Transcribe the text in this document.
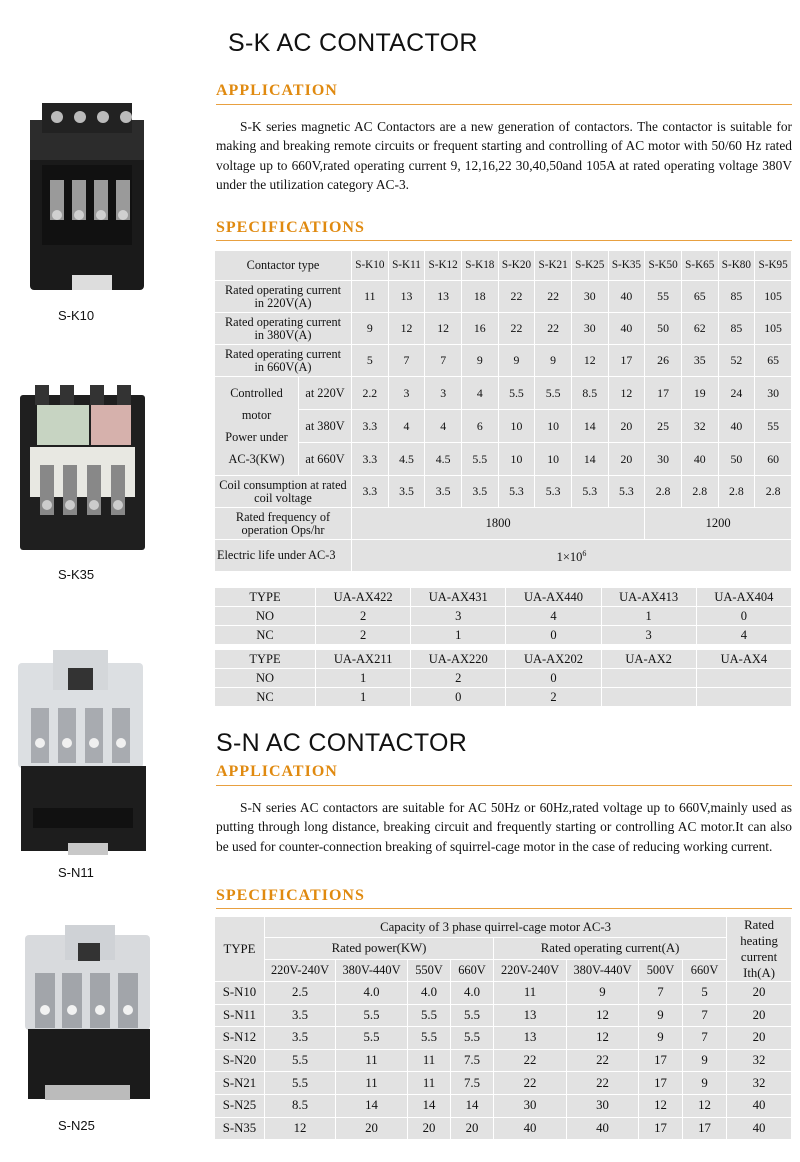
S-K10
S-K35
S-N11
S-N25
S-K AC CONTACTOR
APPLICATION
S-K series magnetic AC Contactors are a new generation of contactors. The contactor is suitable for making and breaking remote circuits or frequent starting and controlling of AC motor with 50/60 Hz rated voltage up to 660V,rated operating current 9, 12,16,22 30,40,50and 105A at rated operating voltage 380V under the utilization category AC-3.
SPECIFICATIONS
Contactor type		S-K10	S-K11	S-K12	S-K18	S-K20	S-K21	S-K25	S-K35	S-K50	S-K65	S-K80	S-K95
Rated operating current in 220V(A)		11	13	13	18	22	22	30	40	55	65	85	105
Rated operating current in 380V(A)		9	12	12	16	22	22	30	40	50	62	85	105
Rated operating current in 660V(A)		5	7	7	9	9	9	12	17	26	35	52	65

Controlled
motor
Power under
AC-3(KW)	at 220V	2.2	3	3	4	5.5	5.5	8.5	12	17	19	24	30
	at 380V	3.3	4	4	6	10	10	14	20	25	32	40	55
	at 660V	3.3	4.5	4.5	5.5	10	10	14	20	30	40	50	60
Coil consumption at rated coil voltage		3.3	3.5	3.5	3.5	5.3	5.3	5.3	5.3	2.8	2.8	2.8	2.8
Rated frequency of operation Ops/hr		1800								1200			
Electric life under AC-3		$1\times 10^6$
TYPE	UA-AX422	UA-AX431	UA-AX440	UA-AX413	UA-AX404
NO	2	3	4	1	0
NC	2	1	0	3	4
TYPE	UA-AX211	UA-AX220	UA-AX202	UA-AX2	UA-AX4
NO	1	2	0		
NC	1	0	2		
S-N AC CONTACTOR
APPLICATION
S-N series AC contactors are suitable for AC 50Hz or 60Hz,rated voltage up to 660V,mainly used as putting through long distance, breaking circuit and frequently starting or controlling AC motor.It can also be used for counter-connection breaking of squirrel-cage motor in the case of reducing working current.
SPECIFICATIONS
TYPE	Capacity of 3 phase quirrel-cage motor AC-3								Rated heating current Ith(A)
	Rated power(KW)				Rated operating current(A)				
	220V-240V	380V-440V	550V	660V	220V-240V	380V-440V	500V	660V	
S-N10	2.5	4.0	4.0	4.0	11	9	7	5	20
S-N11	3.5	5.5	5.5	5.5	13	12	9	7	20
S-N12	3.5	5.5	5.5	5.5	13	12	9	7	20
S-N20	5.5	11	11	7.5	22	22	17	9	32
S-N21	5.5	11	11	7.5	22	22	17	9	32
S-N25	8.5	14	14	14	30	30	12	12	40
S-N35	12	20	20	20	40	40	17	17	40
